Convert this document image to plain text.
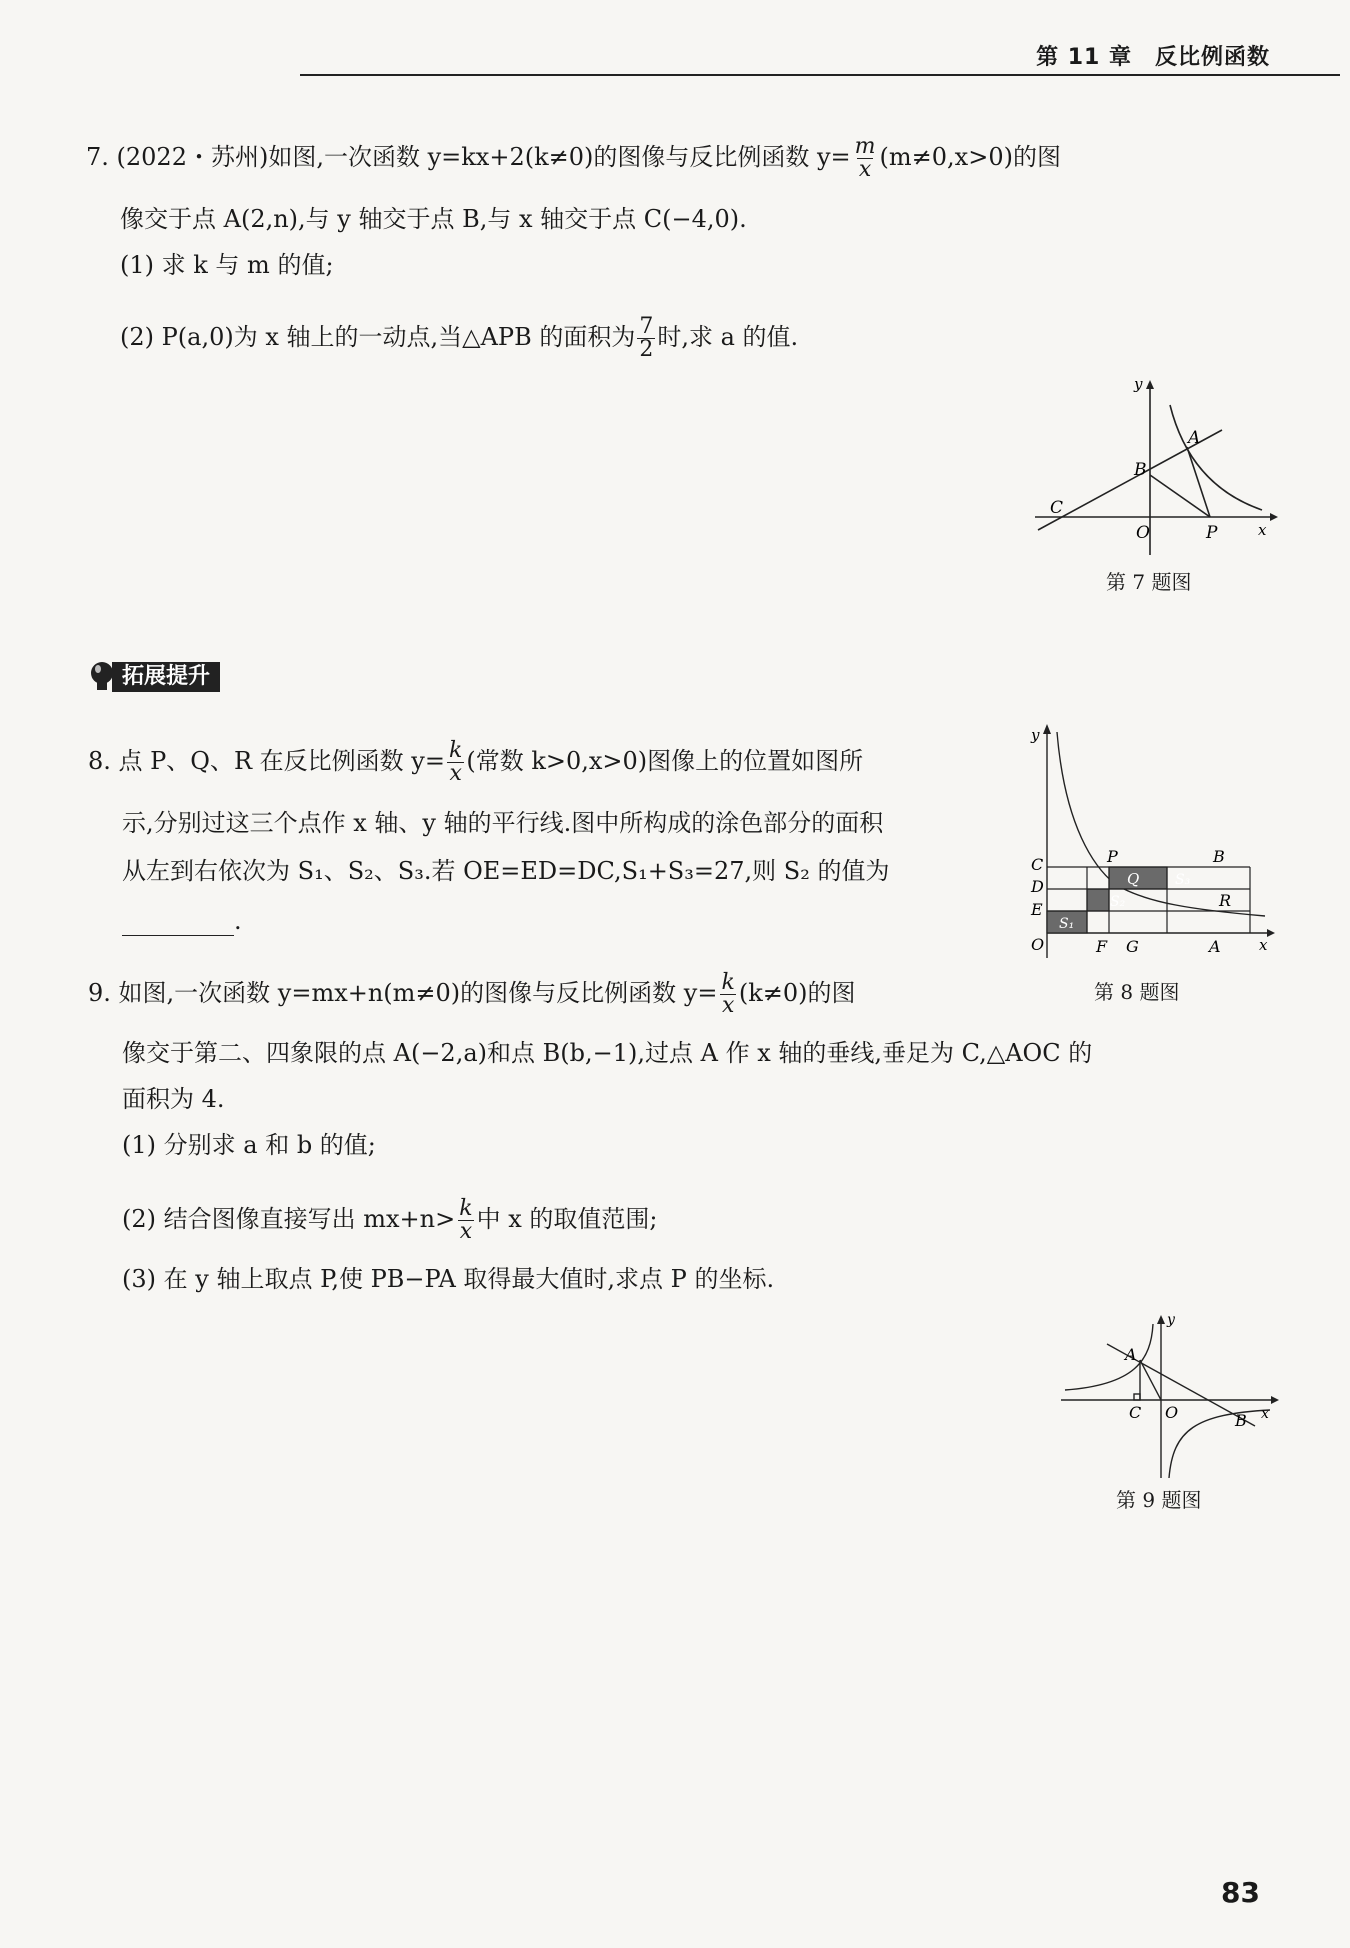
第 11 章　反比例函数
7. (2022・苏州)如图,一次函数 y=kx+2(k≠0)的图像与反比例函数 $y= \frac{m}{x} (m\ne 0,x>0)$的图
像交于点 A(2,n),与 y 轴交于点 B,与 x 轴交于点 C(−4,0).
(1) 求 k 与 m 的值;
(2) P(a,0)为 x 轴上的一动点,当△APB 的面积为 $\frac{7}{2}$ 时,求 a 的值.
y
A
B
C
O	P	x
第 7 题图
拓展提升
8. 点 P、Q、R 在反比例函数 $y= \frac{k}{x}$ (常数 k>0,x>0)图像上的位置如图所
示,分别过这三个点作 x 轴、y 轴的平行线.图中所构成的涂色部分的面积
从左到右依次为 S₁、S₂、S₃.若 OE=ED=DC,S₁+S₃=27,则 S₂ 的值为
.
y
P	B
Q	S₃
R
S₂
S₁
C
D
E
O	F G	A	x
第 8 题图
9. 如图,一次函数 y=mx+n(m≠0)的图像与反比例函数 $y= \frac{k}{x} (k\ne 0)$的图
像交于第二、四象限的点 A(−2,a)和点 B(b,−1),过点 A 作 x 轴的垂线,垂足为 C,△AOC 的
面积为 4.
(1) 分别求 a 和 b 的值;
(2) 结合图像直接写出 $mx+n> \frac{k}{x}$ 中 x 的取值范围;
(3) 在 y 轴上取点 P,使 PB−PA 取得最大值时,求点 P 的坐标.
y
A
C O	B x
第 9 题图
83
